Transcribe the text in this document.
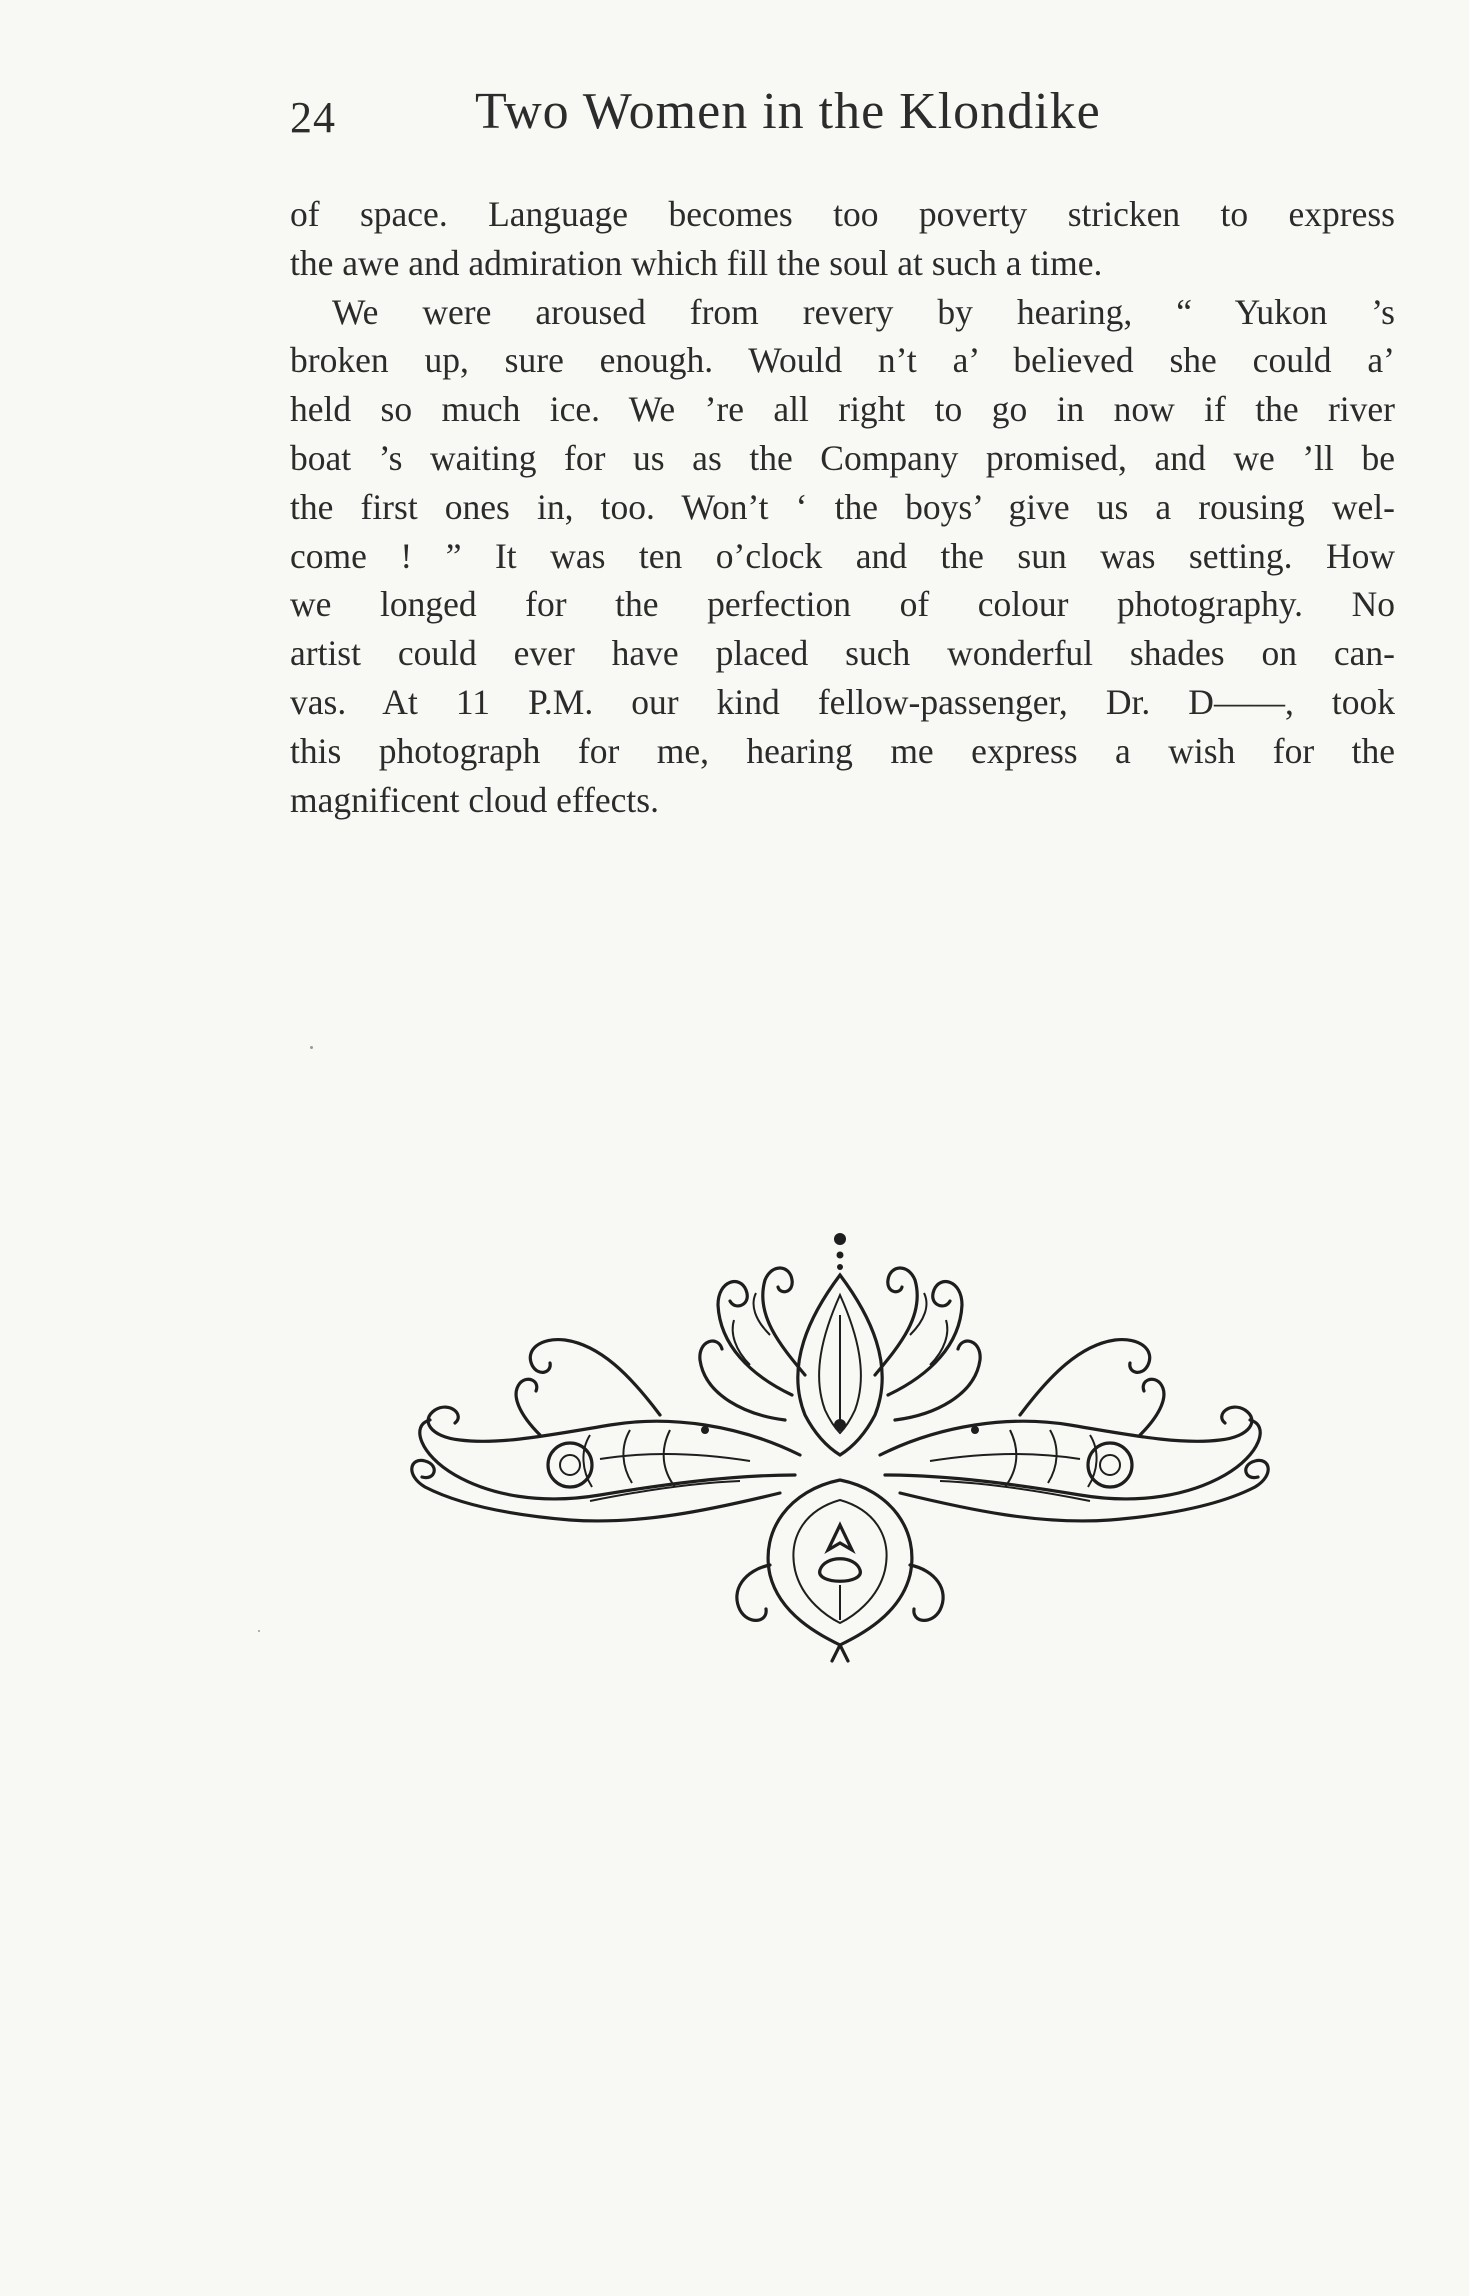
24	Two Women in the Klondike
of space. Language becomes too poverty stricken to express
the awe and admiration which fill the soul at such a time.
We were aroused from revery by hearing, “ Yukon ’s
broken up, sure enough. Would n’t a’ believed she could a’
held so much ice. We ’re all right to go in now if the river
boat ’s waiting for us as the Company promised, and we ’ll be
the first ones in, too. Won’t ‘ the boys’ give us a rousing wel-
come ! ” It was ten o’clock and the sun was setting. How
we longed for the perfection of colour photography. No
artist could ever have placed such wonderful shades on can-
vas. At 11 P.M. our kind fellow-passenger, Dr. D——, took
this photograph for me, hearing me express a wish for the
magnificent cloud effects.
